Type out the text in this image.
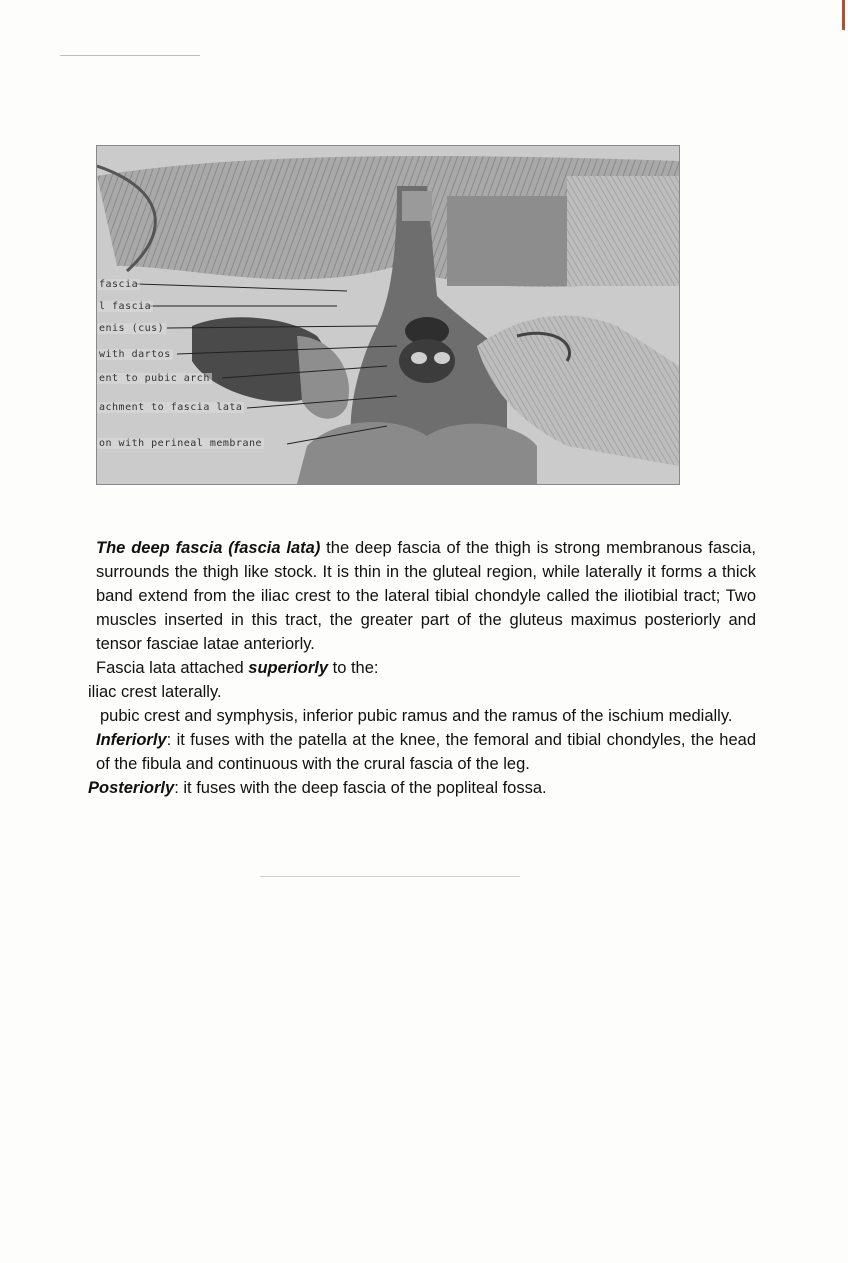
fascia
l fascia
enis (cus)
with dartos
ent to pubic arch
achment to fascia lata
on with perineal membrane

The deep fascia (fascia lata) the deep fascia of the thigh is strong membranous fascia, surrounds the thigh like stock. It is thin in the gluteal region, while laterally it forms a thick band extend from the iliac crest to the lateral tibial chondyle called the iliotibial tract; Two muscles inserted in this tract, the greater part of the gluteus maximus posteriorly and tensor fasciae latae anteriorly.

Fascia lata attached superiorly to the:

iliac crest laterally.

pubic crest and symphysis, inferior pubic ramus and the ramus of the ischium medially.

Inferiorly: it fuses with the patella at the knee, the femoral and tibial chondyles, the head of the fibula and continuous with the crural fascia of the leg.

Posteriorly: it fuses with the deep fascia of the popliteal fossa.
